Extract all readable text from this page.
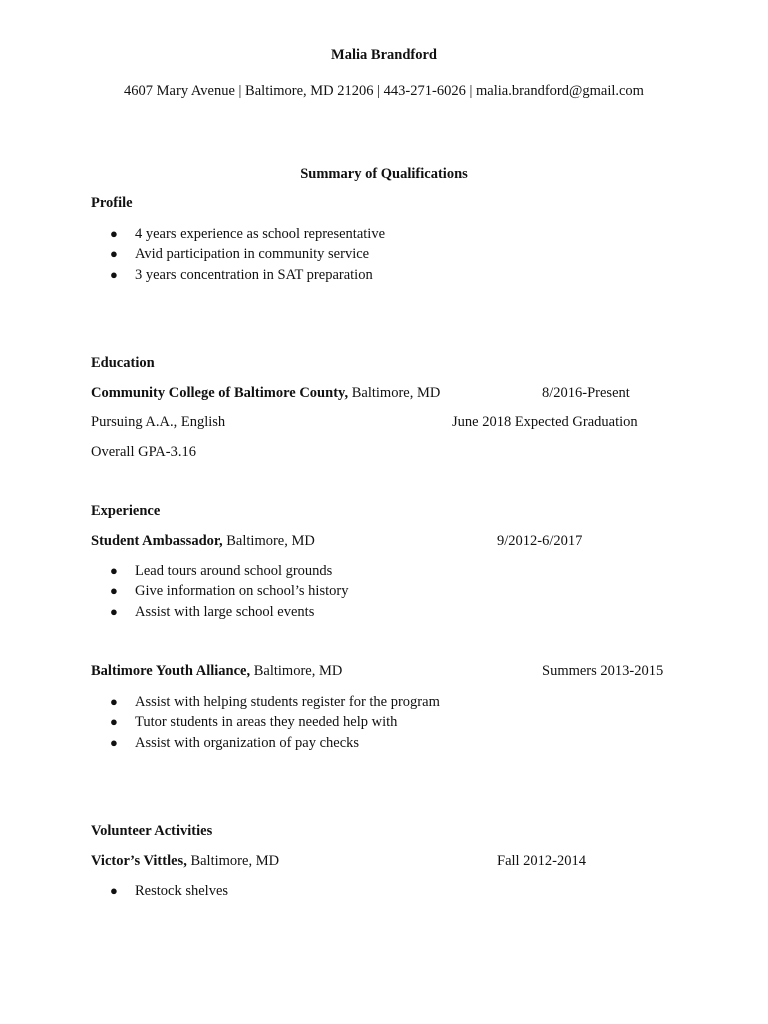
Malia Brandford
4607 Mary Avenue | Baltimore, MD 21206 | 443-271-6026 | malia.brandford@gmail.com
Summary of Qualifications
Profile
● 4 years experience as school representative
● Avid participation in community service
● 3 years concentration in SAT preparation
Education
Community College of Baltimore County, Baltimore, MD	8/2016-Present
Pursuing A.A., English	June 2018 Expected Graduation
Overall GPA-3.16
Experience
Student Ambassador, Baltimore, MD	9/2012-6/2017
● Lead tours around school grounds
● Give information on school’s history
● Assist with large school events
Baltimore Youth Alliance, Baltimore, MD	Summers 2013-2015
● Assist with helping students register for the program
● Tutor students in areas they needed help with
● Assist with organization of pay checks
Volunteer Activities
Victor’s Vittles, Baltimore, MD	Fall 2012-2014
● Restock shelves
